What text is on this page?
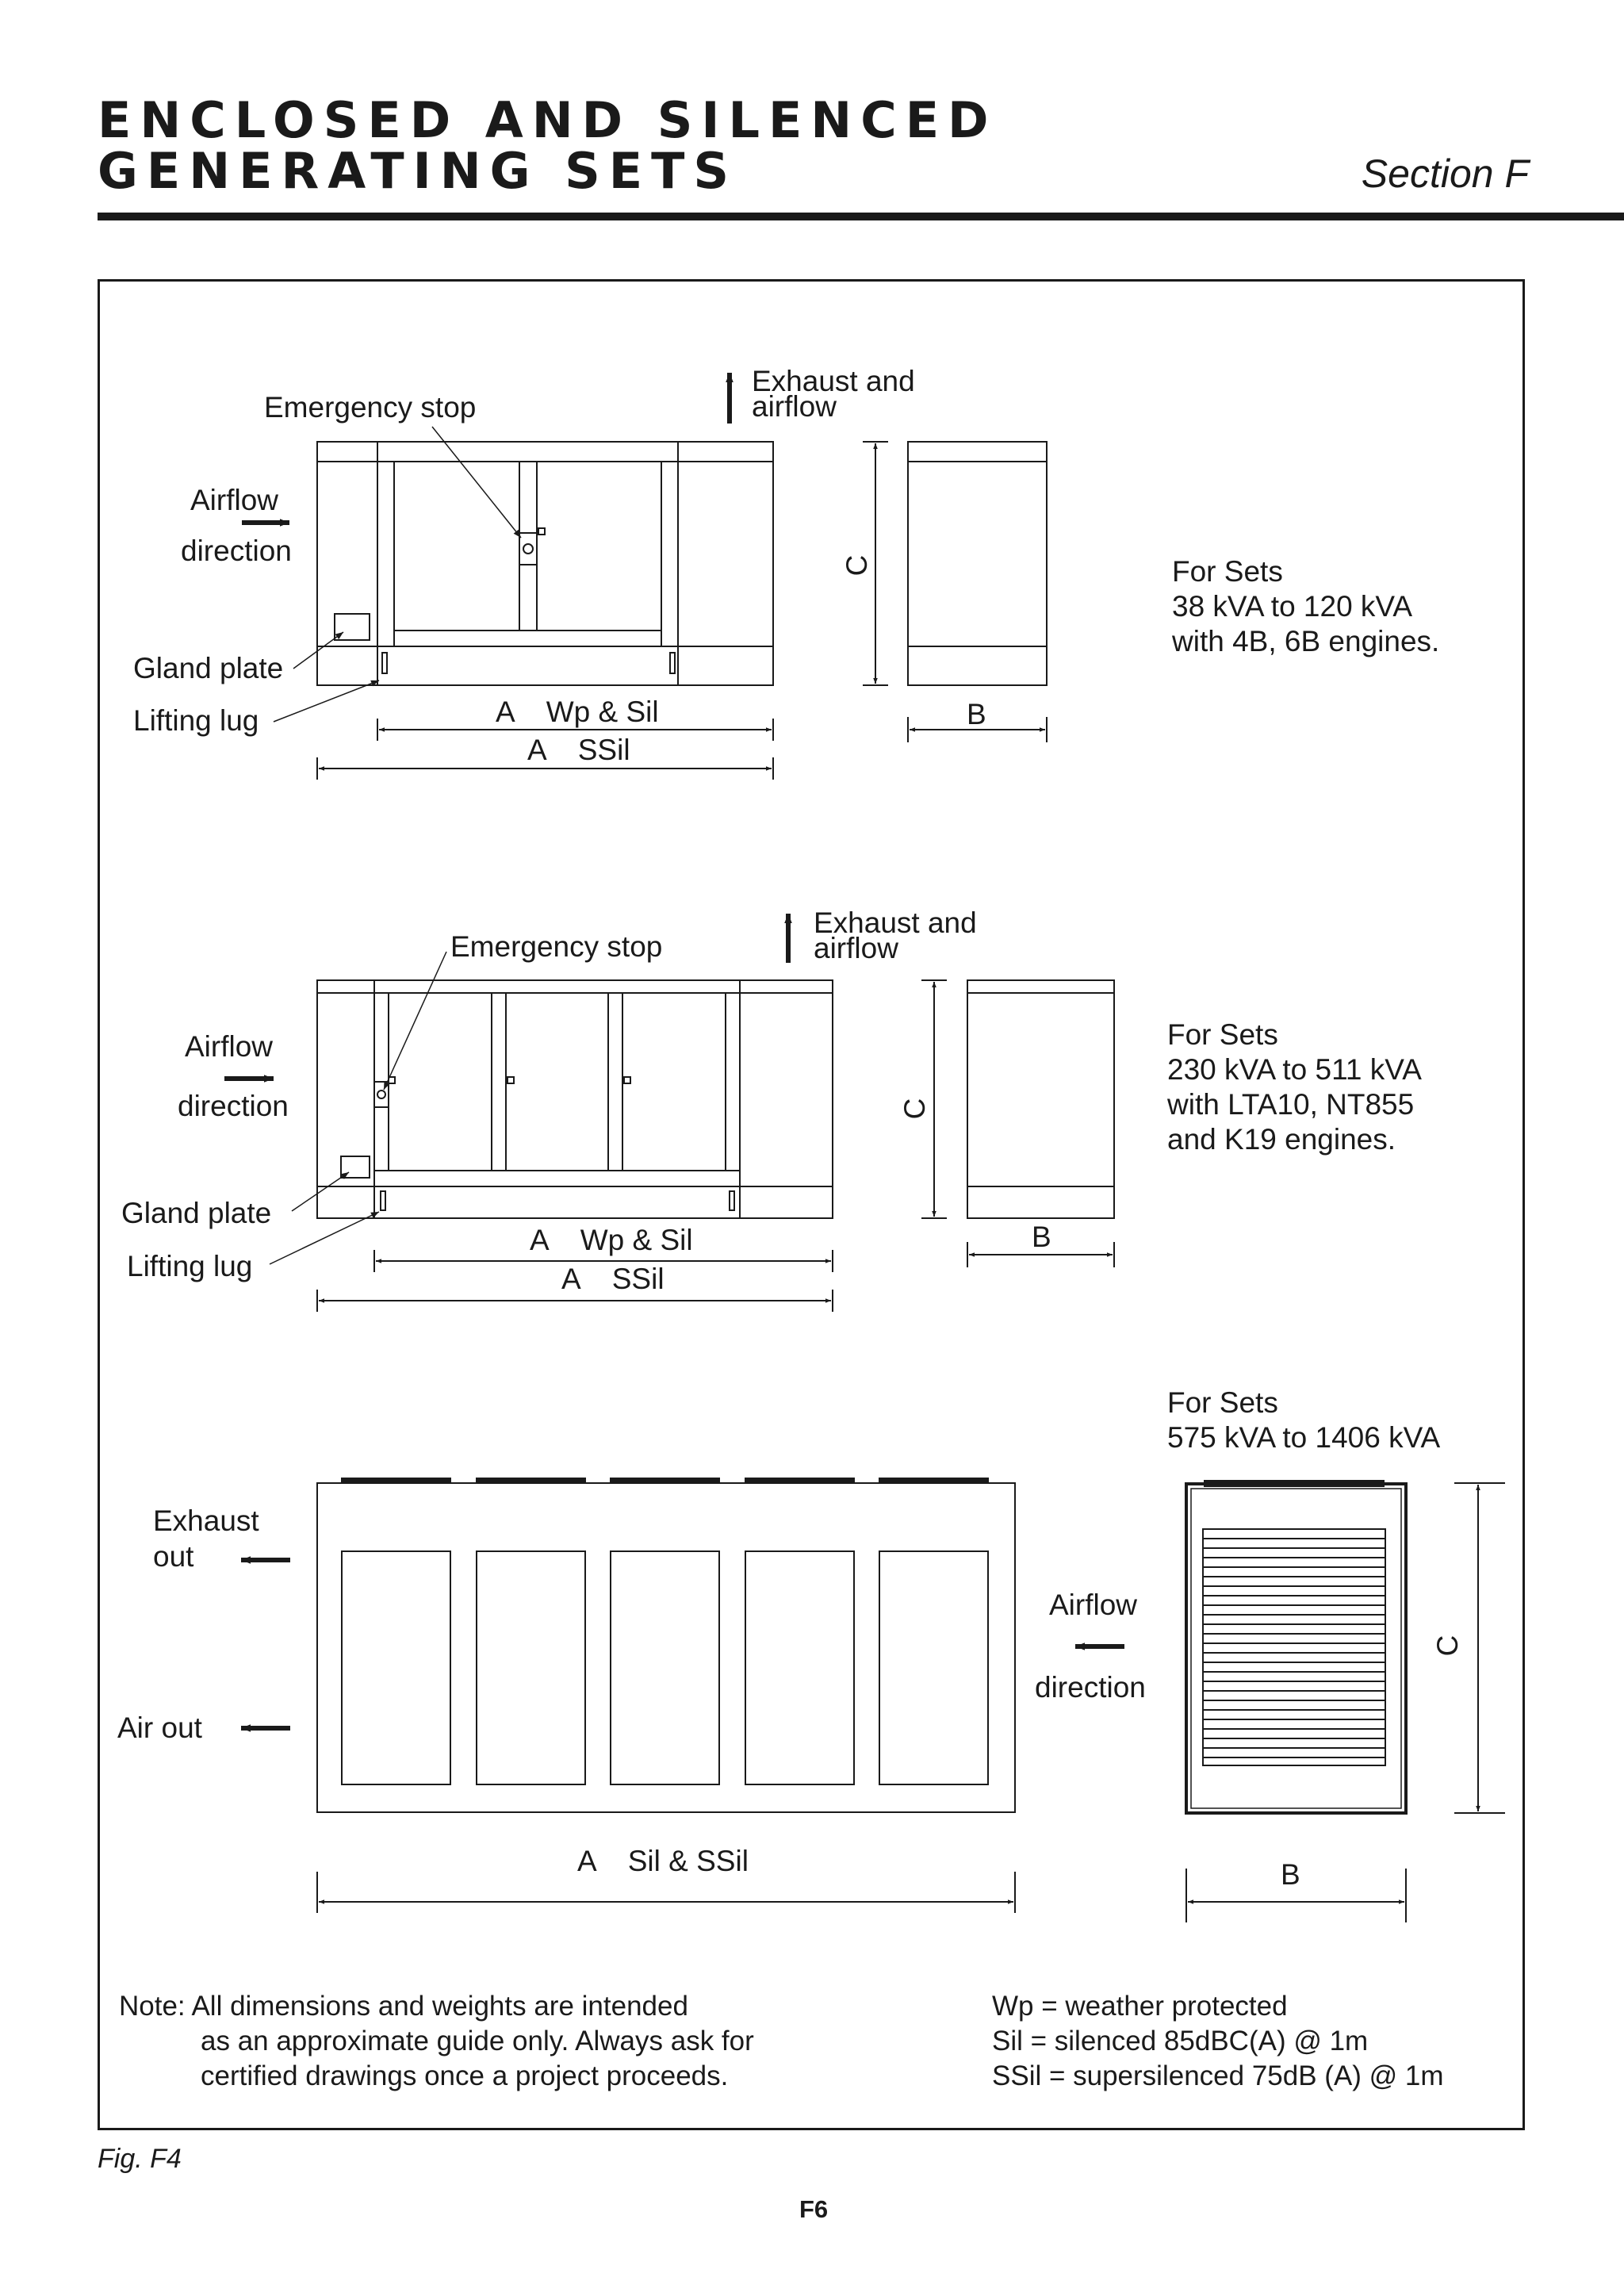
ENCLOSED AND SILENCED
GENERATING SETS	Section F
Emergency stop
Exhaust and
airflow
Airflow
direction
Gland plate
Lifting lug	A    Wp & Sil
A    SSil
B
C	For Sets
38 kVA to 120 kVA
with 4B, 6B engines.
Emergency stop
Exhaust and
airflow
Airflow
direction
Gland plate
Lifting lug
A    Wp & Sil
A    SSil
B
C
For Sets
230 kVA to 511 kVA
with LTA10, NT855
and K19 engines.
For Sets
575 kVA to 1406 kVA
Exhaust
out
Air out
Airflow
direction
A    Sil & SSil	B
C
Note: All dimensions and weights are intended
as an approximate guide only. Always ask for
certified drawings once a project proceeds.
Wp = weather protected
Sil = silenced 85dBC(A) @ 1m
SSil = supersilenced 75dB (A) @ 1m
Fig. F4
F6
